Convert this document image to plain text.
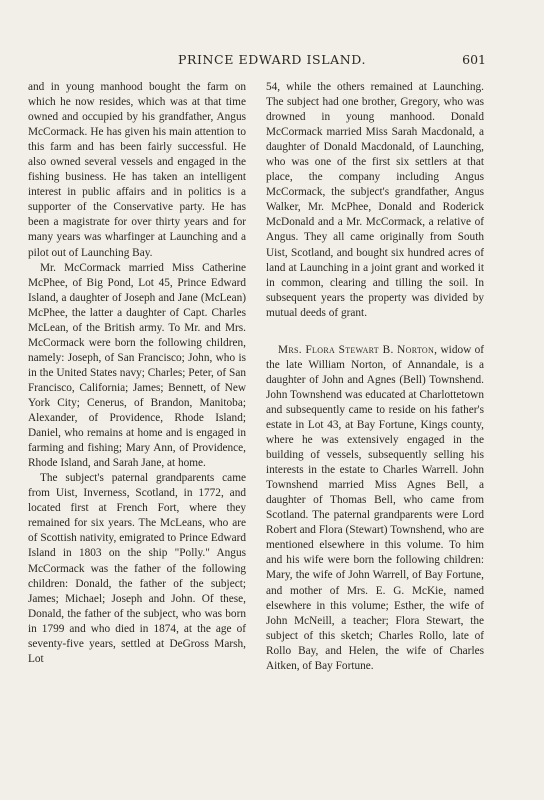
PRINCE EDWARD ISLAND.	601

and in young manhood bought the farm on which he now resides, which was at that time owned and occupied by his grandfather, Angus McCormack. He has given his main attention to this farm and has been fairly successful. He also owned several vessels and engaged in the fishing business. He has taken an intelligent interest in public affairs and in politics is a supporter of the Conservative party. He has been a magistrate for over thirty years and for many years was wharfinger at Launching and a pilot out of Launching Bay.

Mr. McCormack married Miss Catherine McPhee, of Big Pond, Lot 45, Prince Edward Island, a daughter of Joseph and Jane (McLean) McPhee, the latter a daughter of Capt. Charles McLean, of the British army. To Mr. and Mrs. McCormack were born the following children, namely: Joseph, of San Francisco; John, who is in the United States navy; Charles; Peter, of San Francisco, California; James; Bennett, of New York City; Cenerus, of Brandon, Manitoba; Alexander, of Providence, Rhode Island; Daniel, who remains at home and is engaged in farming and fishing; Mary Ann, of Providence, Rhode Island, and Sarah Jane, at home.

The subject's paternal grandparents came from Uist, Inverness, Scotland, in 1772, and located first at French Fort, where they remained for six years. The McLeans, who are of Scottish nativity, emigrated to Prince Edward Island in 1803 on the ship "Polly." Angus McCormack was the father of the following children: Donald, the father of the subject; James; Michael; Joseph and John. Of these, Donald, the father of the subject, who was born in 1799 and who died in 1874, at the age of seventy-five years, settled at DeGross Marsh, Lot

54, while the others remained at Launching. The subject had one brother, Gregory, who was drowned in young manhood. Donald McCormack married Miss Sarah Macdonald, a daughter of Donald Macdonald, of Launching, who was one of the first six settlers at that place, the company including Angus McCormack, the subject's grandfather, Angus Walker, Mr. McPhee, Donald and Roderick McDonald and a Mr. McCormack, a relative of Angus. They all came originally from South Uist, Scotland, and bought six hundred acres of land at Launching in a joint grant and worked it in common, clearing and tilling the soil. In subsequent years the property was divided by mutual deeds of grant.

Mrs. Flora Stewart B. Norton, widow of the late William Norton, of Annandale, is a daughter of John and Agnes (Bell) Townshend. John Townshend was educated at Charlottetown and subsequently came to reside on his father's estate in Lot 43, at Bay Fortune, Kings county, where he was extensively engaged in the building of vessels, subsequently selling his interests in the estate to Charles Warrell. John Townshend married Miss Agnes Bell, a daughter of Thomas Bell, who came from Scotland. The paternal grandparents were Lord Robert and Flora (Stewart) Townshend, who are mentioned elsewhere in this volume. To him and his wife were born the following children: Mary, the wife of John Warrell, of Bay Fortune, and mother of Mrs. E. G. McKie, named elsewhere in this volume; Esther, the wife of John McNeill, a teacher; Flora Stewart, the subject of this sketch; Charles Rollo, late of Rollo Bay, and Helen, the wife of Charles Aitken, of Bay Fortune.
